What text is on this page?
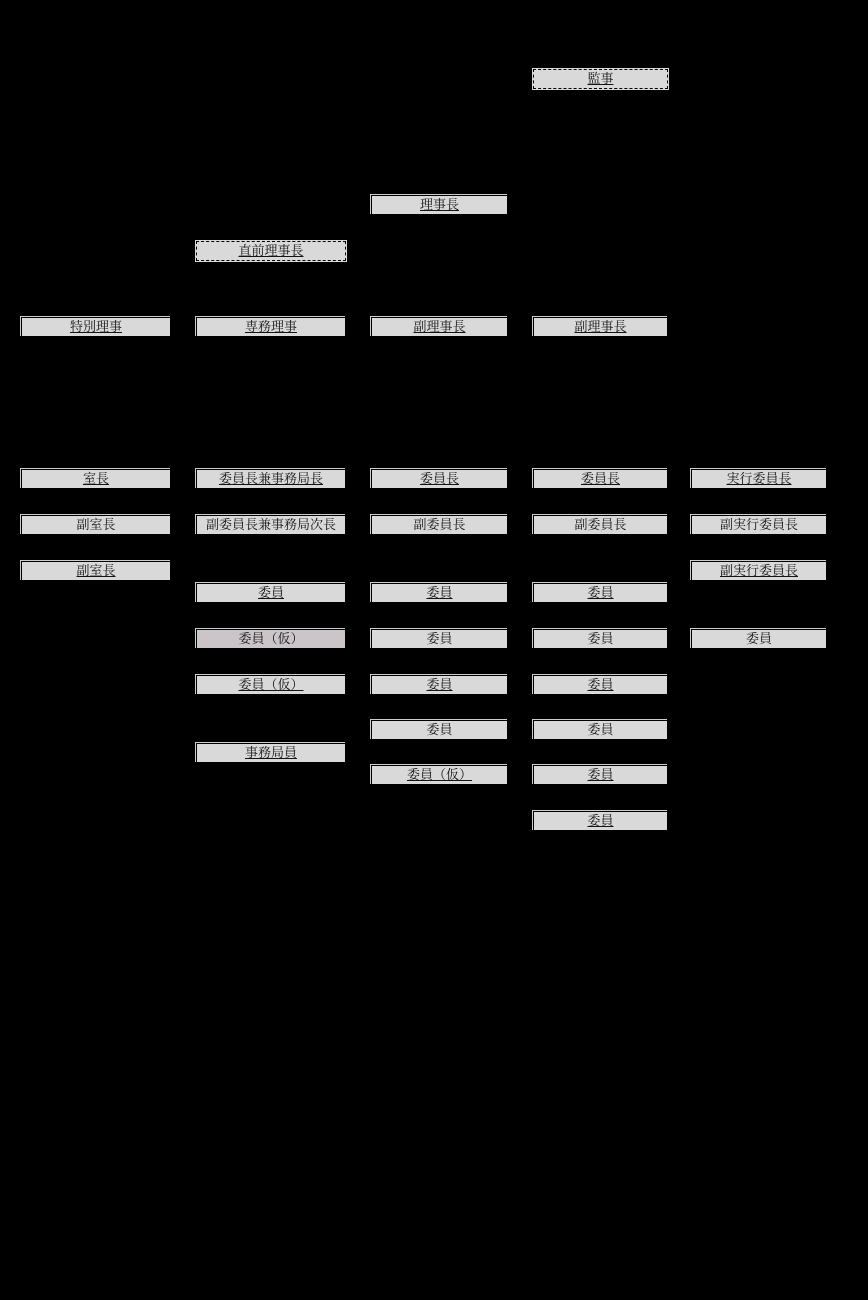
監事
理事長
直前理事長
特別理事	専務理事	副理事長	副理事長
室長	委員長兼事務局長	委員長	委員長	実行委員長
副室長	副委員長兼事務局次長	副委員長	副委員長	副実行委員長
副室長	副実行委員長
委員	委員	委員
委員（仮）	委員	委員	委員
委員（仮）	委員	委員
委員	委員
事務局員
委員（仮）	委員
委員
